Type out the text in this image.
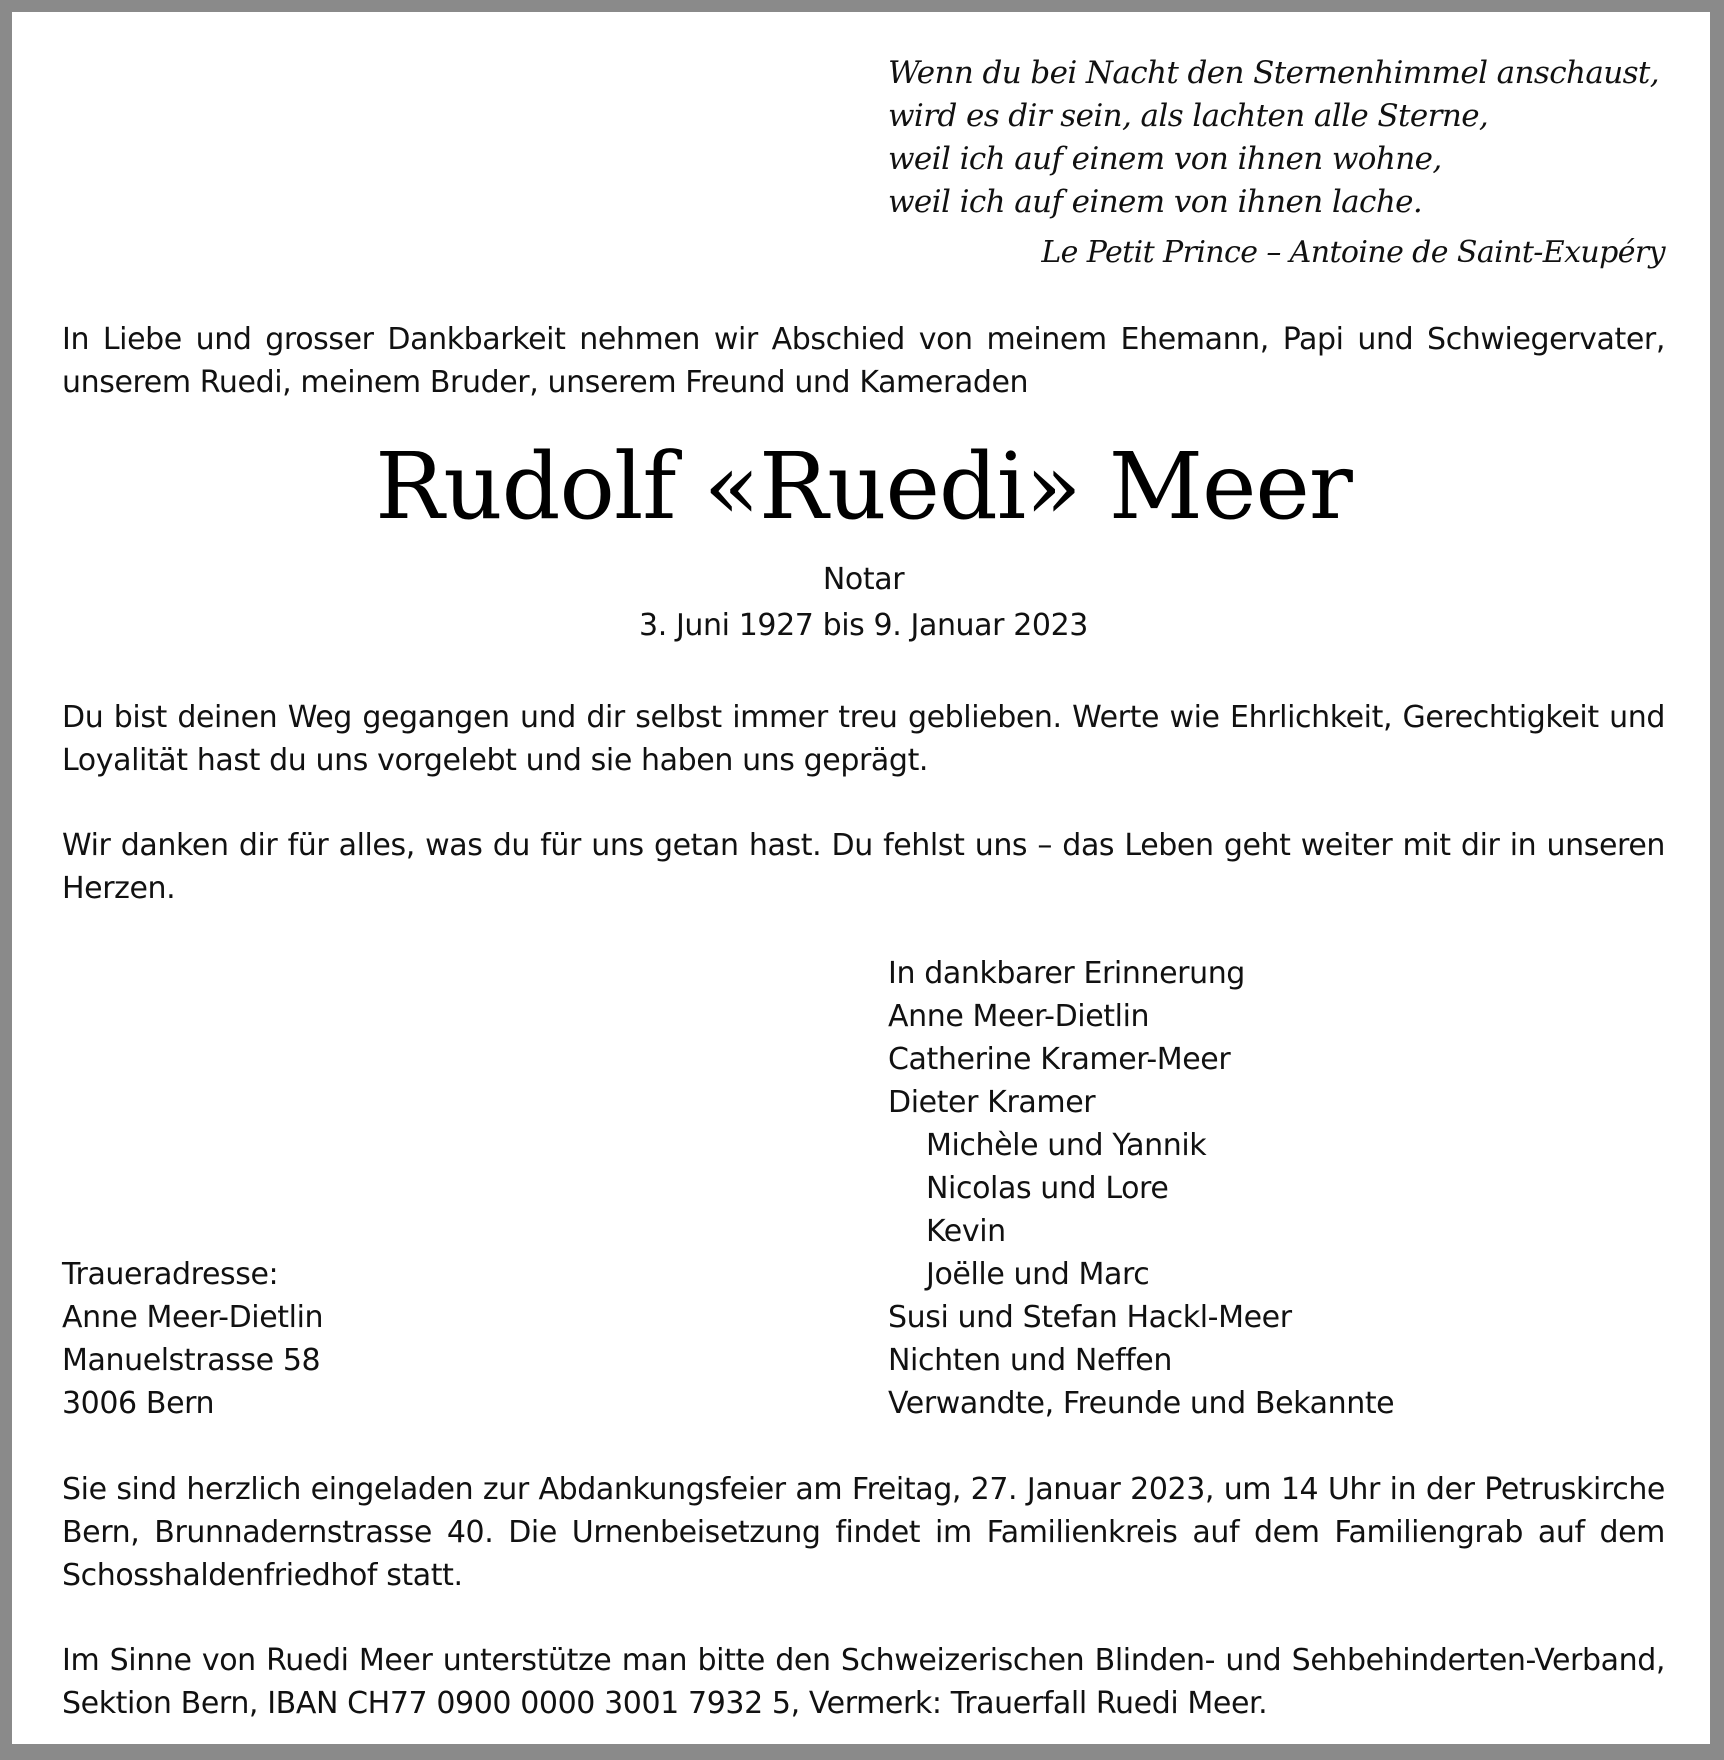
Wenn du bei Nacht den Sternenhimmel anschaust,
wird es dir sein, als lachten alle Sterne,
weil ich auf einem von ihnen wohne,
weil ich auf einem von ihnen lache.
Le Petit Prince – Antoine de Saint-Exupéry
In Liebe und grosser Dankbarkeit nehmen wir Abschied von meinem Ehemann, Papi und Schwiegervater,
unserem Ruedi, meinem Bruder, unserem Freund und Kameraden
Rudolf «Ruedi» Meer
Notar
3. Juni 1927 bis 9. Januar 2023
Du bist deinen Weg gegangen und dir selbst immer treu geblieben. Werte wie Ehrlichkeit, Gerechtigkeit und
Loyalität hast du uns vorgelebt und sie haben uns geprägt.
Wir danken dir für alles, was du für uns getan hast. Du fehlst uns – das Leben geht weiter mit dir in unseren
Herzen.
In dankbarer Erinnerung
Anne Meer-Dietlin
Catherine Kramer-Meer
Dieter Kramer
Michèle und Yannik
Nicolas und Lore
Kevin
Joëlle und Marc
Susi und Stefan Hackl-Meer
Nichten und Neffen
Verwandte, Freunde und Bekannte
Traueradresse:
Anne Meer-Dietlin
Manuelstrasse 58
3006 Bern
Sie sind herzlich eingeladen zur Abdankungsfeier am Freitag, 27. Januar 2023, um 14 Uhr in der Petruskirche
Bern, Brunnadernstrasse 40. Die Urnenbeisetzung findet im Familienkreis auf dem Familiengrab auf dem
Schosshaldenfriedhof statt.
Im Sinne von Ruedi Meer unterstütze man bitte den Schweizerischen Blinden- und Sehbehinderten-Verband,
Sektion Bern, IBAN CH77 0900 0000 3001 7932 5, Vermerk: Trauerfall Ruedi Meer.
